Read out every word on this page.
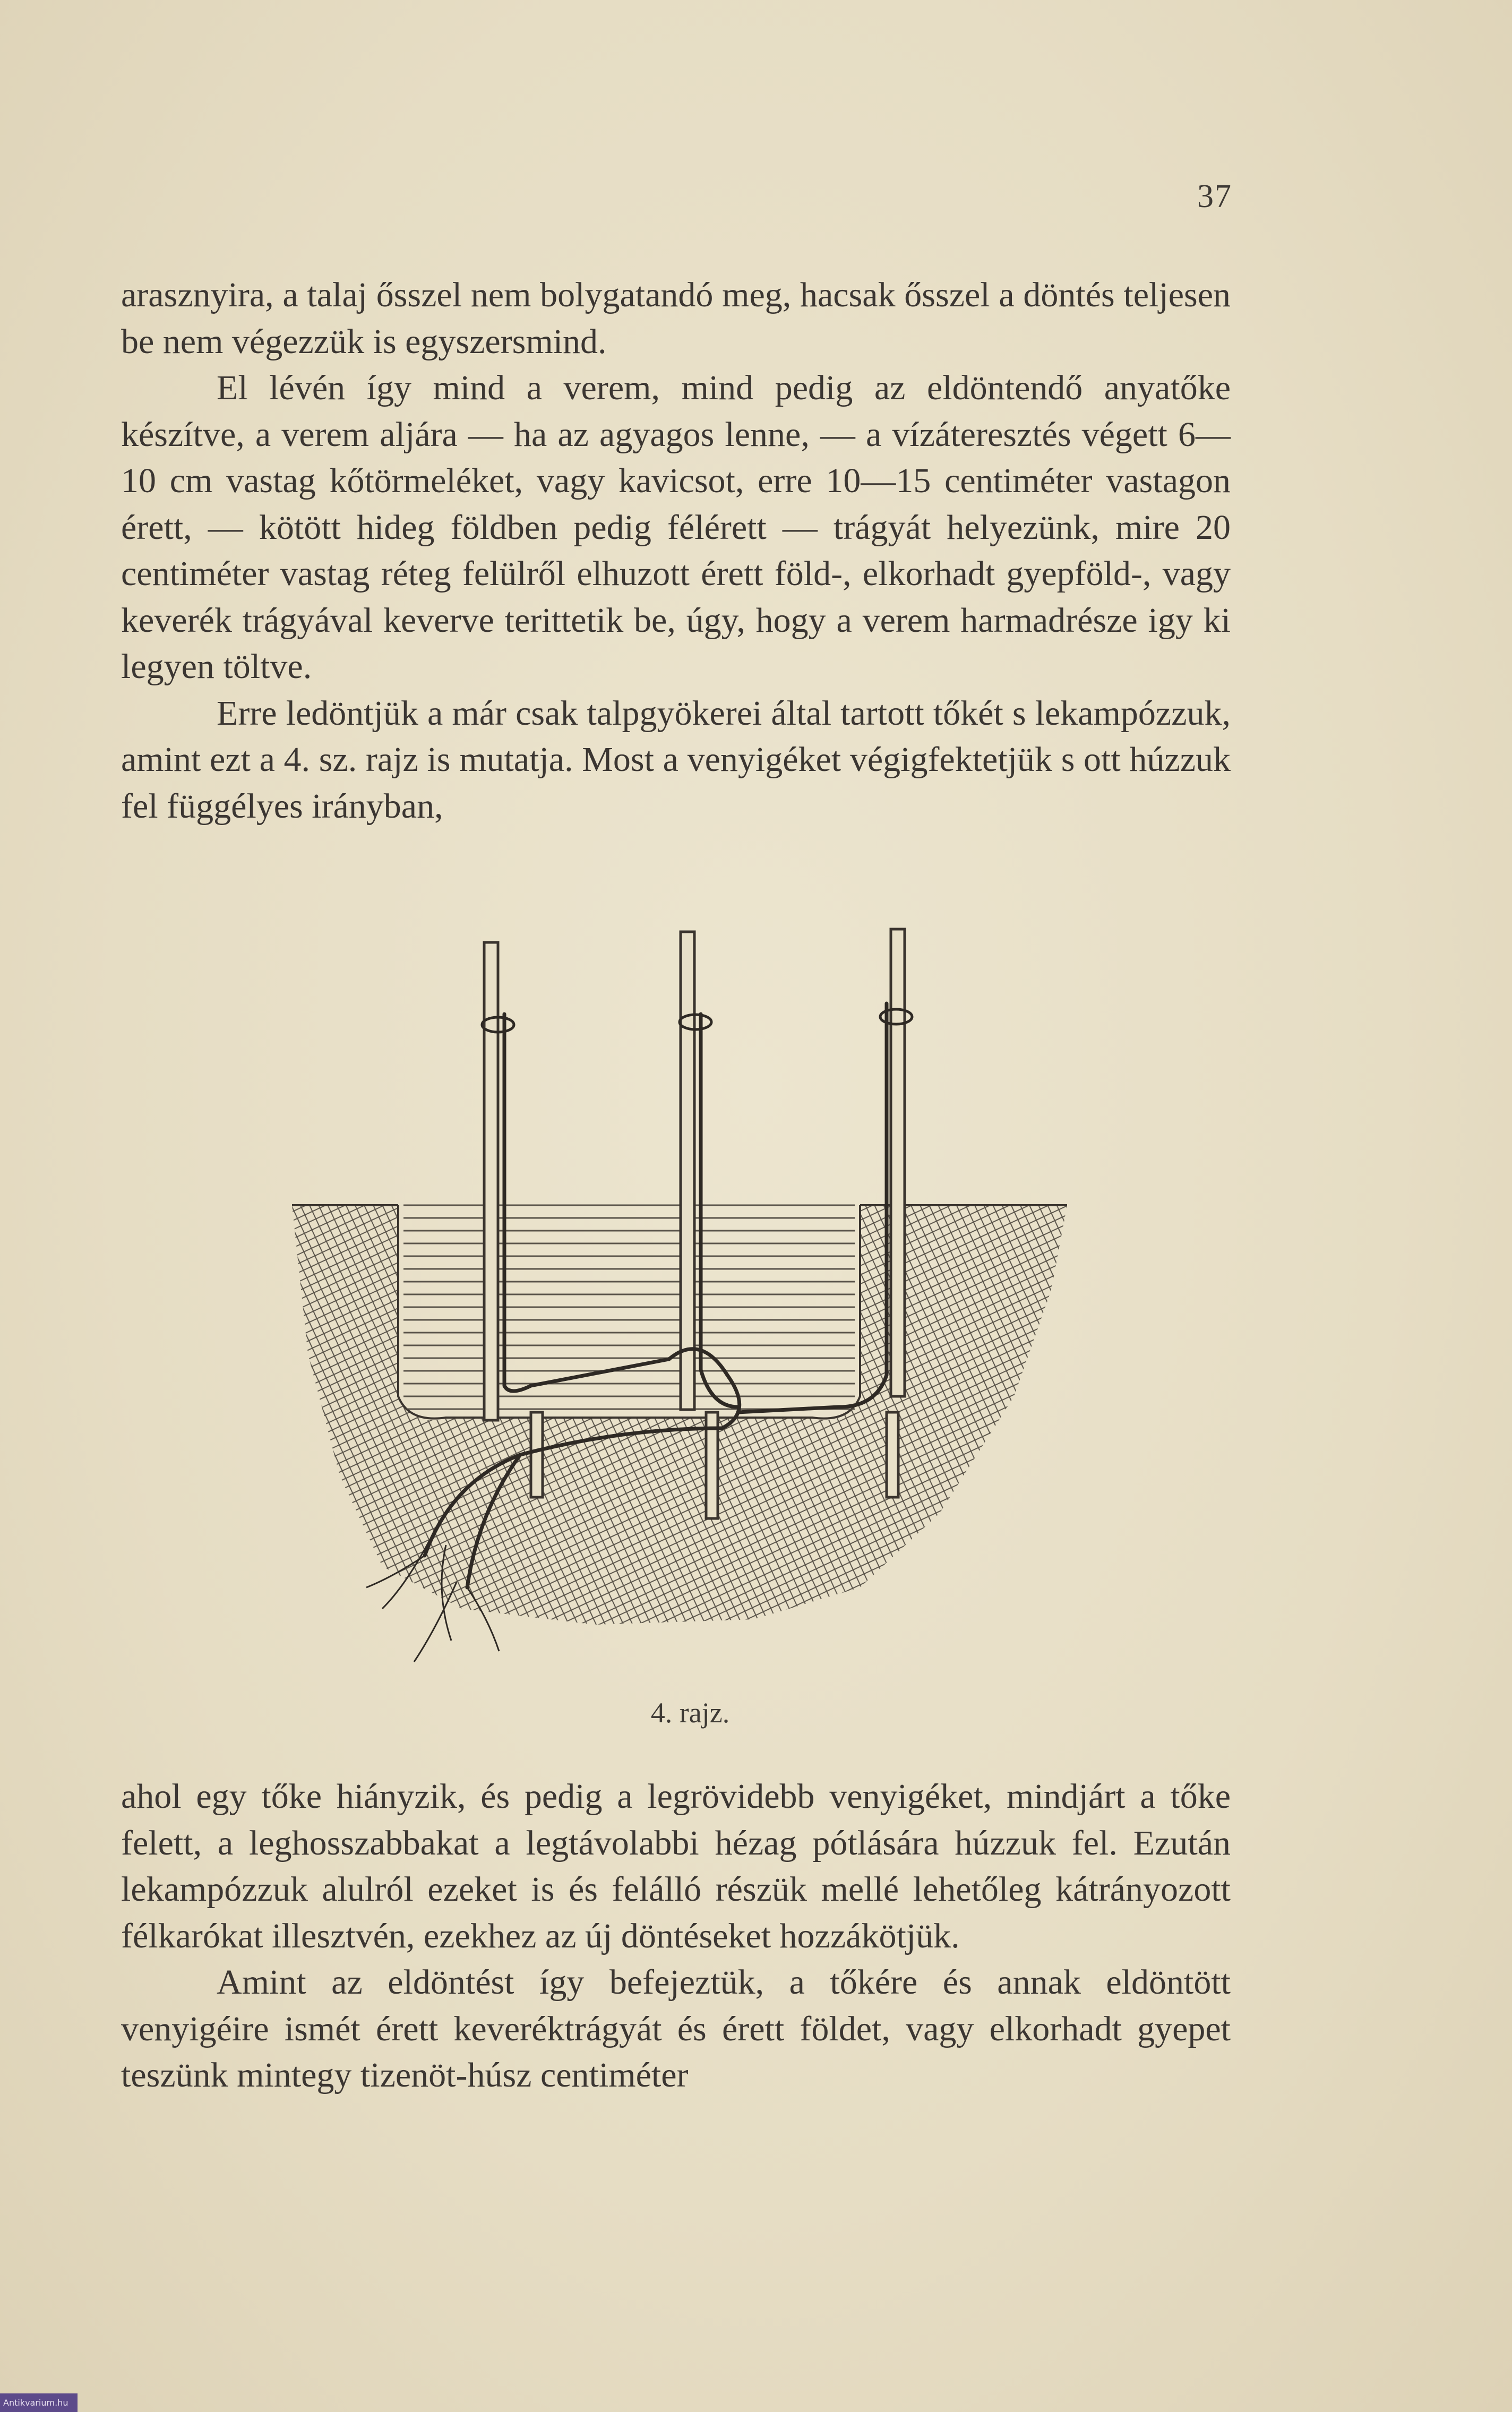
37

arasznyira, a talaj ősszel nem bolygatandó meg, hacsak ősszel a döntés teljesen be nem végezzük is egyszersmind.

El lévén így mind a verem, mind pedig az eldöntendő anyatőke készítve, a verem aljára — ha az agyagos lenne, — a vízáteresztés végett 6—10 cm vastag kőtörmeléket, vagy kavicsot, erre 10—15 centiméter vastagon érett, — kötött hideg földben pedig félérett — trágyát helyezünk, mire 20 centiméter vastag réteg felülről elhuzott érett föld-, elkorhadt gyepföld-, vagy keverék trágyával keverve terittetik be, úgy, hogy a verem harmadrésze igy ki legyen töltve.

Erre ledöntjük a már csak talpgyökerei által tartott tőkét s lekampózzuk, amint ezt a 4. sz. rajz is mutatja. Most a venyigéket végigfektetjük s ott húzzuk fel függélyes irányban,

4. rajz.

ahol egy tőke hiányzik, és pedig a legrövidebb venyigéket, mindjárt a tőke felett, a leghosszabbakat a legtávolabbi hézag pótlására húzzuk fel. Ezután lekampózzuk alulról ezeket is és felálló részük mellé lehetőleg kátrányozott félkarókat illesztvén, ezekhez az új döntéseket hozzákötjük.

Amint az eldöntést így befejeztük, a tőkére és annak eldöntött venyigéire ismét érett keveréktrágyát és érett földet, vagy elkorhadt gyepet teszünk mintegy tizenöt-húsz centiméter

Antikvarium.hu
